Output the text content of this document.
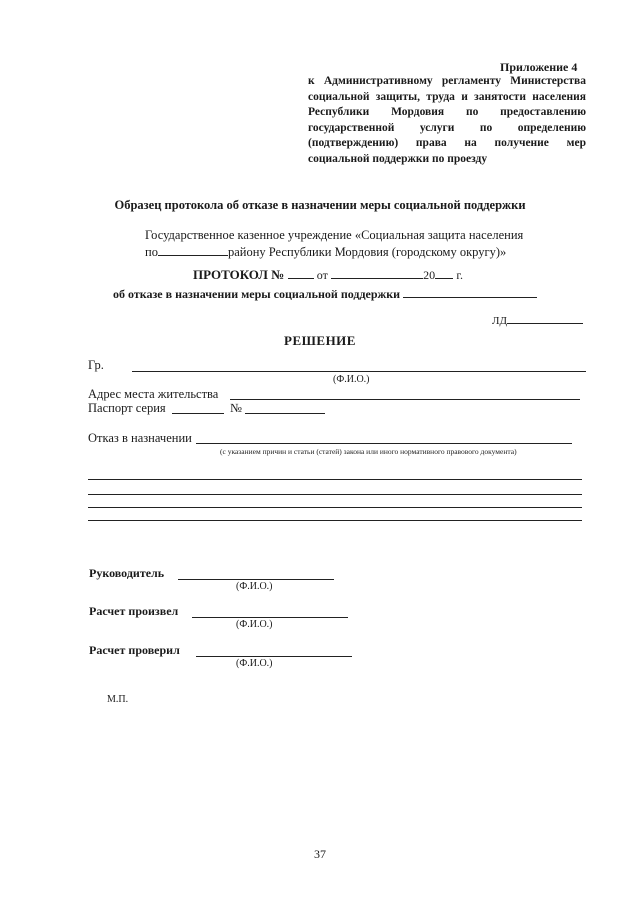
Приложение 4
к Административному регламенту Министерства социальной защиты, труда и занятости населения Республики Мордовия по предоставлению государственной услуги по определению (подтверждению) права на получение мер социальной поддержки по проезду
Образец протокола об отказе в назначении меры социальной поддержки
Государственное казенное учреждение «Социальная защита населения
по	району Республики Мордовия (городскому округу)»
ПРОТОКОЛ №	от	20 г.
об отказе в назначении меры социальной поддержки
ЛД
РЕШЕНИЕ
Гр.
(Ф.И.О.)
Адрес места жительства
Паспорт серия	№
Отказ в назначении
(с указанием причин и статьи (статей) закона или иного нормативного правового документа)
Руководитель
(Ф.И.О.)
Расчет произвел
(Ф.И.О.)
Расчет проверил
(Ф.И.О.)
М.П.
37
